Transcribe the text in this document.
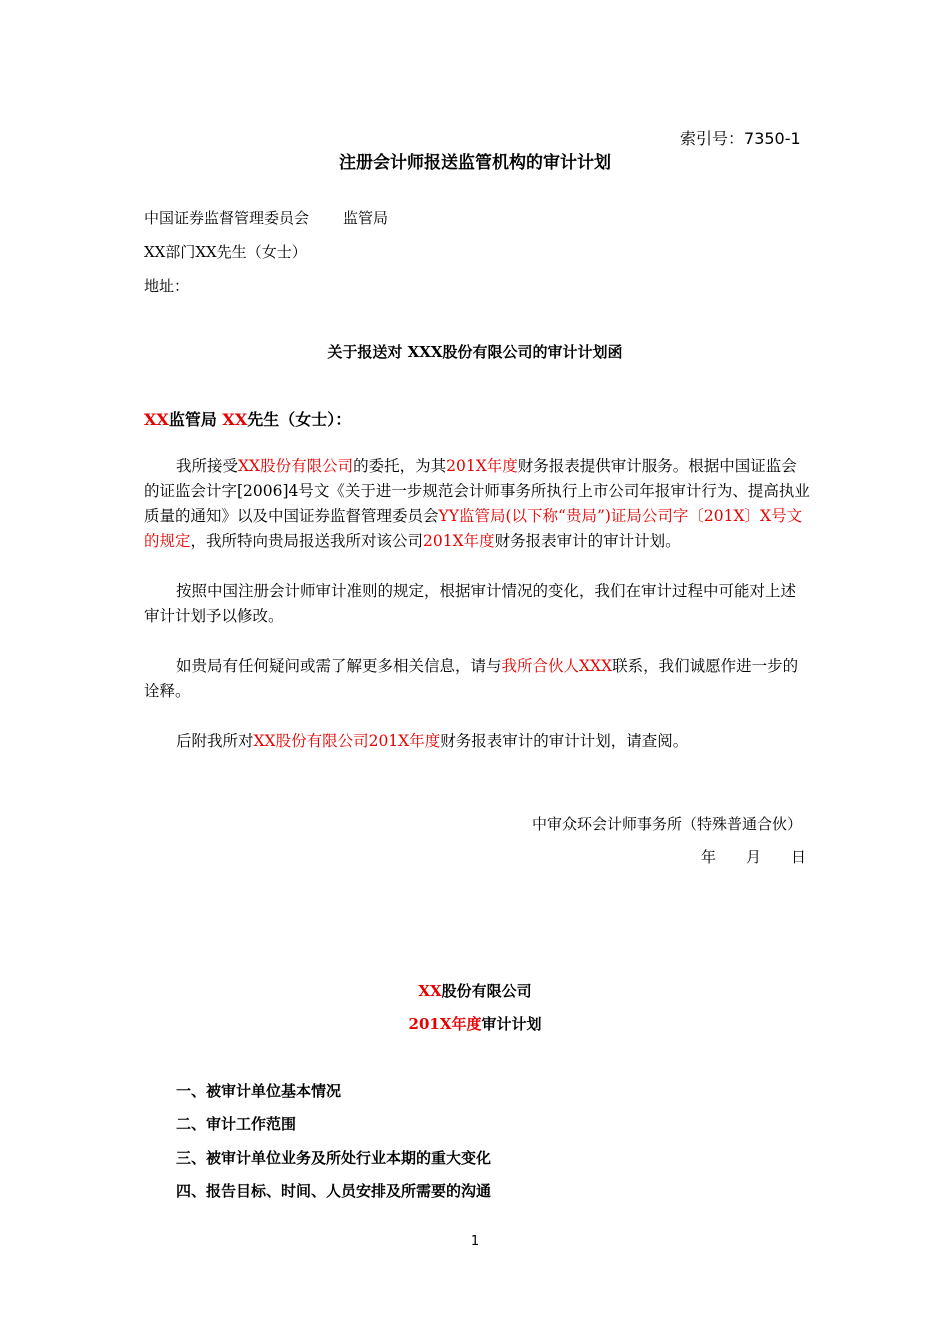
索引号：7350-1
注册会计师报送监管机构的审计计划
中国证券监督管理委员会 监管局
XX部门XX先生（女士）
地址：
关于报送对 XXX股份有限公司的审计计划函
XX监管局 XX先生（女士）：
我所接受XX股份有限公司的委托，为其201X年度财务报表提供审计服务。根据中国证监会的证监会计字[2006]4号文《关于进一步规范会计师事务所执行上市公司年报审计行为、提高执业质量的通知》以及中国证券监督管理委员会YY监管局(以下称“贵局”)证局公司字〔201X〕X号文的规定，我所特向贵局报送我所对该公司201X年度财务报表审计的审计计划。
按照中国注册会计师审计准则的规定，根据审计情况的变化，我们在审计过程中可能对上述审计计划予以修改。
如贵局有任何疑问或需了解更多相关信息，请与我所合伙人XXX联系，我们诚愿作进一步的诠释。
后附我所对XX股份有限公司201X年度财务报表审计的审计计划，请查阅。
中审众环会计师事务所（特殊普通合伙）
年　　月　　日
XX股份有限公司
201X年度审计计划
一、被审计单位基本情况
二、审计工作范围
三、被审计单位业务及所处行业本期的重大变化
四、报告目标、时间、人员安排及所需要的沟通
1
